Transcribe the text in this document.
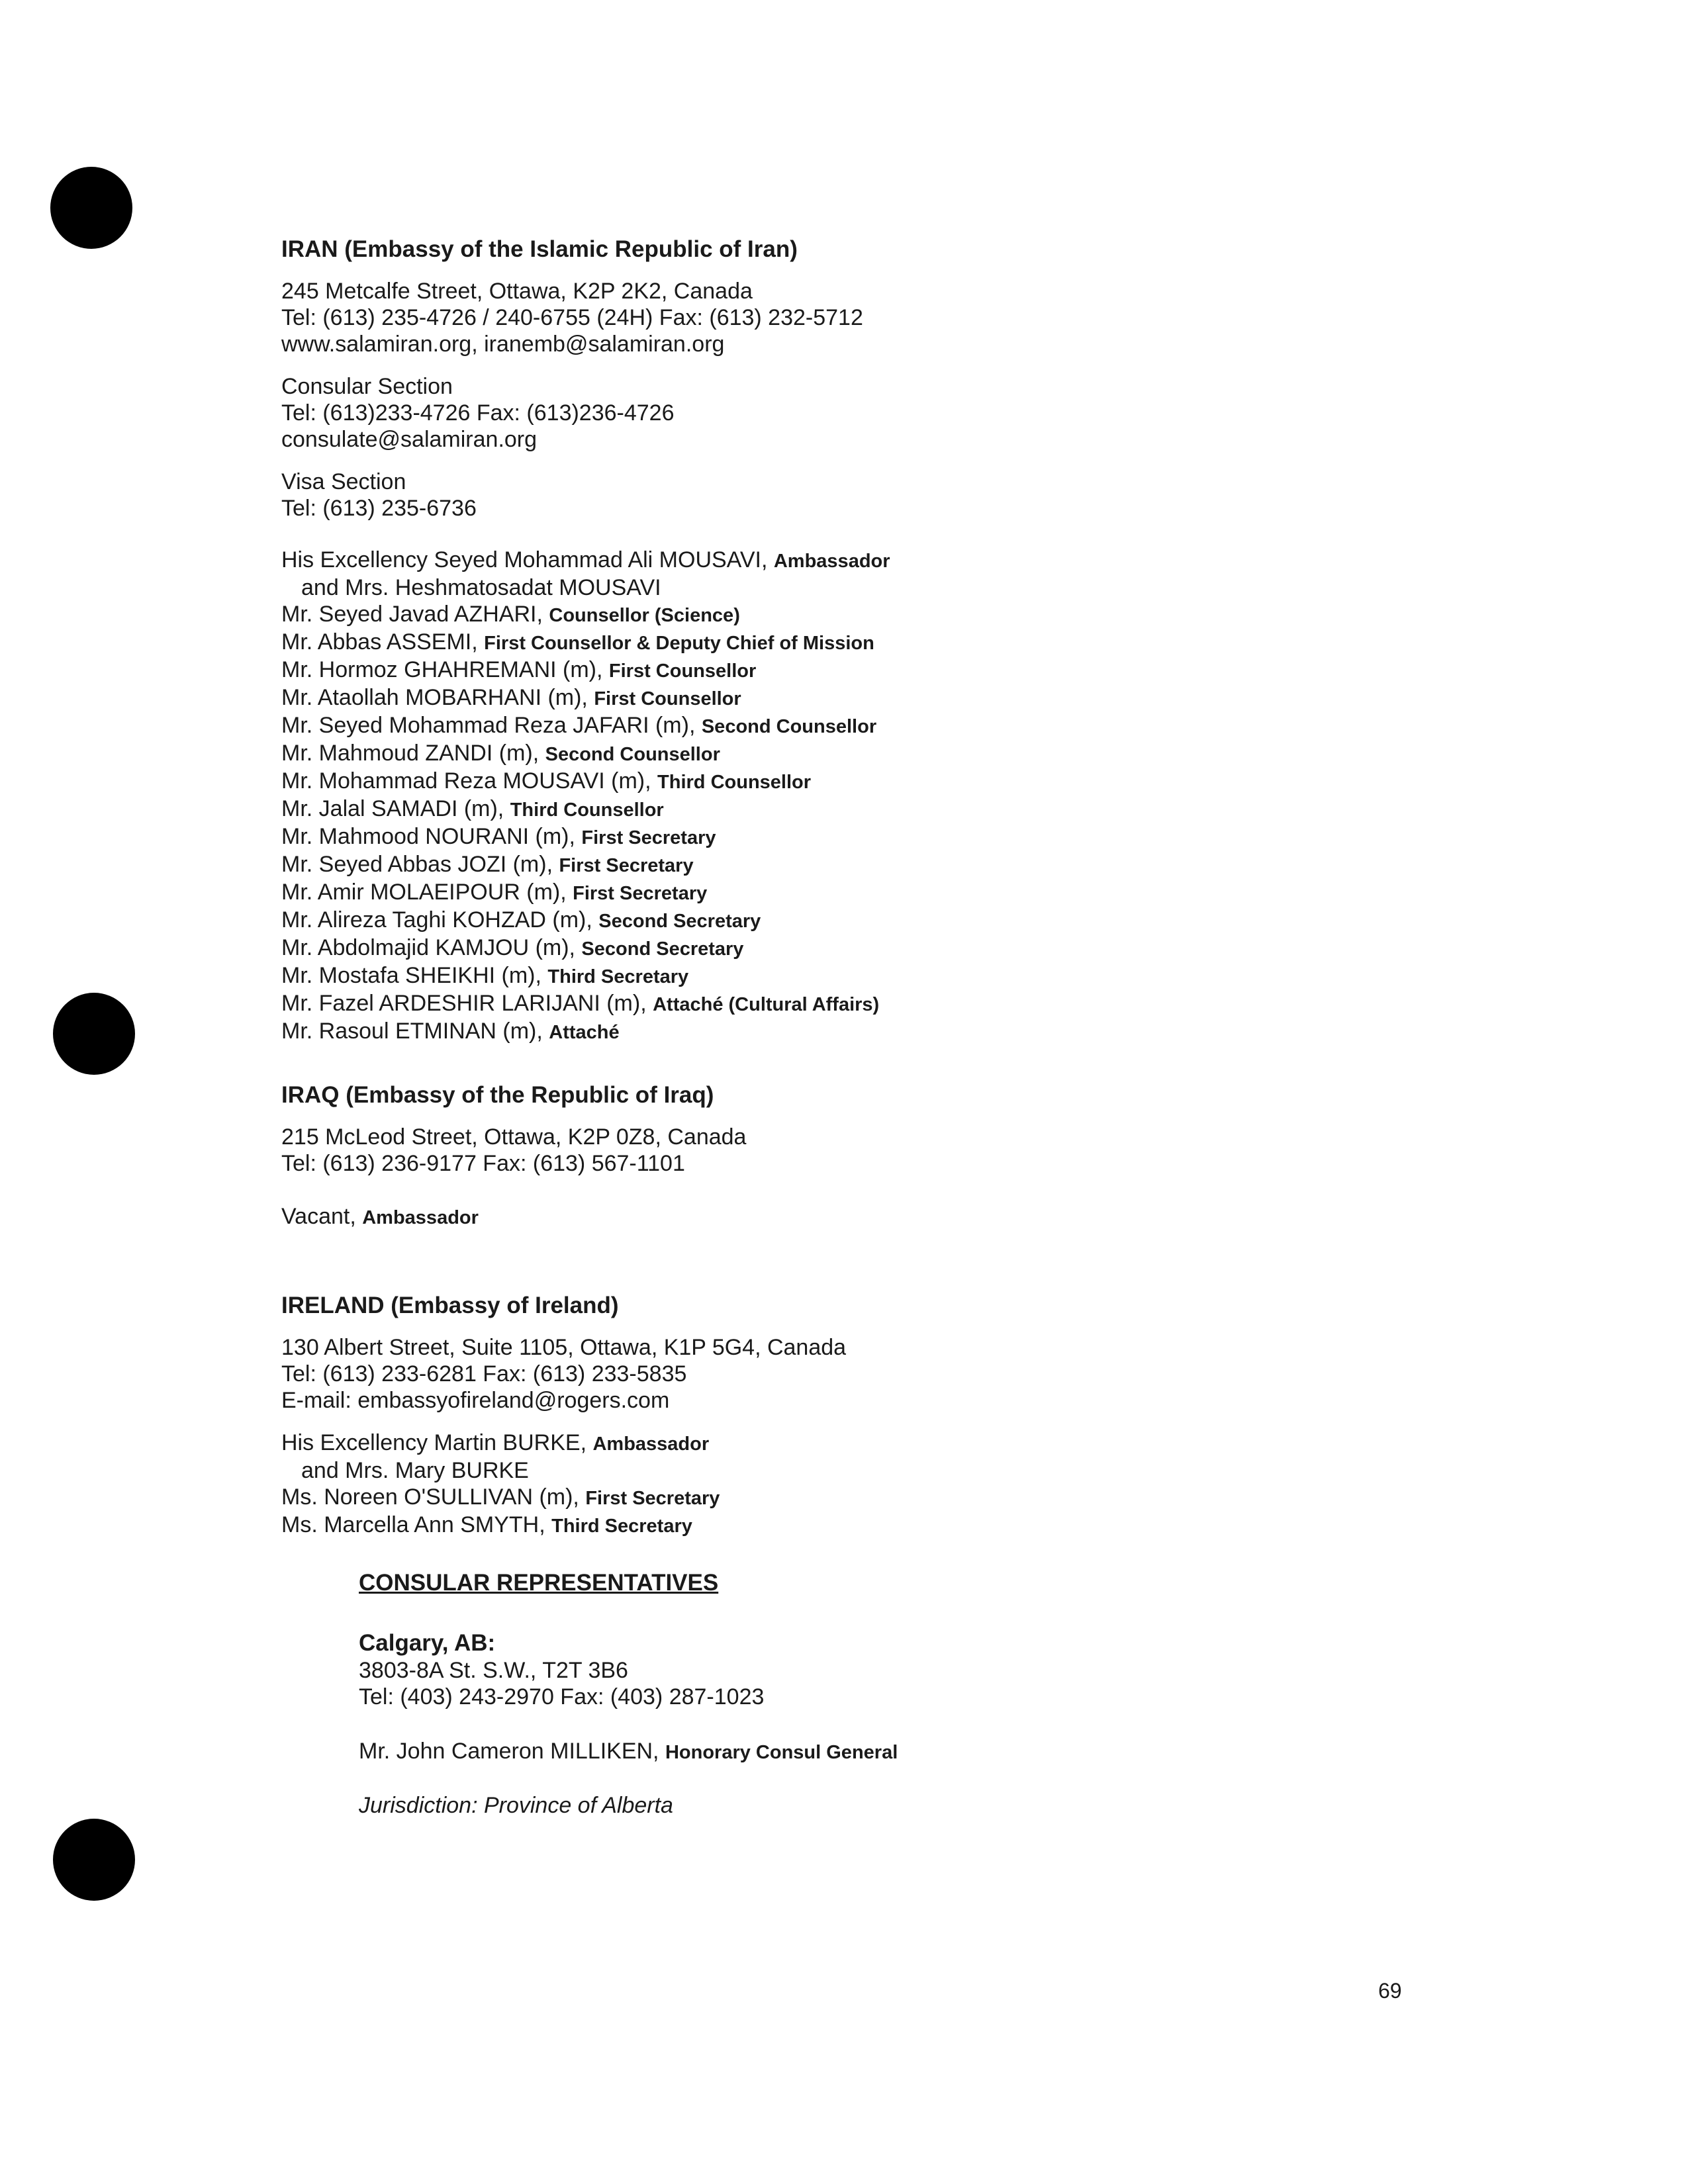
IRAN (Embassy of the Islamic Republic of Iran)
245 Metcalfe Street, Ottawa, K2P 2K2, Canada
Tel: (613) 235-4726 / 240-6755 (24H) Fax: (613) 232-5712
www.salamiran.org, iranemb@salamiran.org
Consular Section
Tel: (613)233-4726 Fax: (613)236-4726
consulate@salamiran.org
Visa Section
Tel: (613) 235-6736
His Excellency Seyed Mohammad Ali MOUSAVI, Ambassador
and Mrs. Heshmatosadat MOUSAVI
Mr. Seyed Javad AZHARI, Counsellor (Science)
Mr. Abbas ASSEMI, First Counsellor & Deputy Chief of Mission
Mr. Hormoz GHAHREMANI (m), First Counsellor
Mr. Ataollah MOBARHANI (m), First Counsellor
Mr. Seyed Mohammad Reza JAFARI (m), Second Counsellor
Mr. Mahmoud ZANDI (m), Second Counsellor
Mr. Mohammad Reza MOUSAVI (m), Third Counsellor
Mr. Jalal SAMADI (m), Third Counsellor
Mr. Mahmood NOURANI (m), First Secretary
Mr. Seyed Abbas JOZI (m), First Secretary
Mr. Amir MOLAEIPOUR (m), First Secretary
Mr. Alireza Taghi KOHZAD (m), Second Secretary
Mr. Abdolmajid KAMJOU (m), Second Secretary
Mr. Mostafa SHEIKHI (m), Third Secretary
Mr. Fazel ARDESHIR LARIJANI (m), Attaché (Cultural Affairs)
Mr. Rasoul ETMINAN (m), Attaché
IRAQ (Embassy of the Republic of Iraq)
215 McLeod Street, Ottawa, K2P 0Z8, Canada
Tel: (613) 236-9177 Fax: (613) 567-1101
Vacant, Ambassador
IRELAND (Embassy of Ireland)
130 Albert Street, Suite 1105, Ottawa, K1P 5G4, Canada
Tel: (613) 233-6281 Fax: (613) 233-5835
E-mail: embassyofireland@rogers.com
His Excellency Martin BURKE, Ambassador
and Mrs. Mary BURKE
Ms. Noreen O'SULLIVAN (m), First Secretary
Ms. Marcella Ann SMYTH, Third Secretary
CONSULAR REPRESENTATIVES
Calgary, AB:
3803-8A St. S.W., T2T 3B6
Tel: (403) 243-2970 Fax: (403) 287-1023
Mr. John Cameron MILLIKEN, Honorary Consul General
Jurisdiction: Province of Alberta
69
